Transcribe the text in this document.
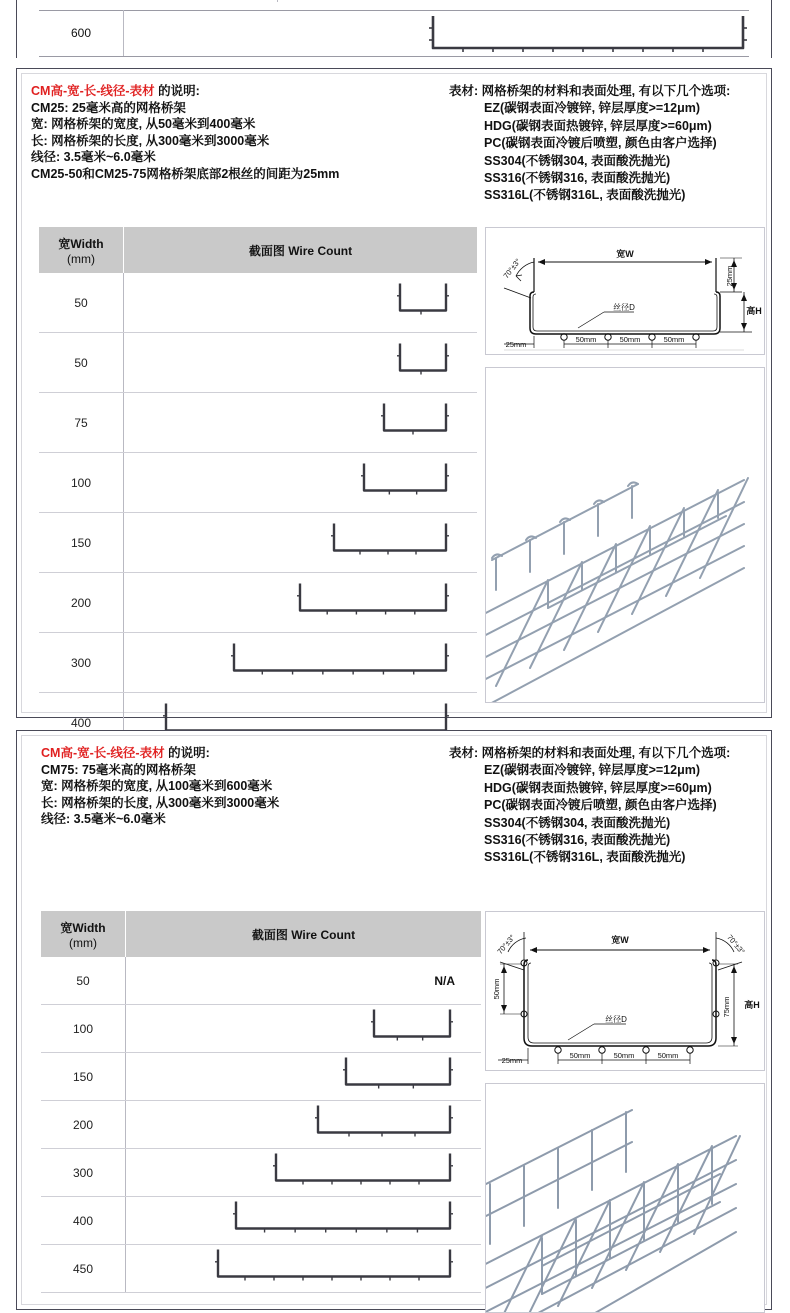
600
CM高-宽-长-线径-表材 的说明:
CM25: 25毫米高的网格桥架
宽: 网格桥架的宽度, 从50毫米到400毫米
长: 网格桥架的长度, 从300毫米到3000毫米
线径: 3.5毫米~6.0毫米
CM25-50和CM25-75网格桥架底部2根丝的间距为25mm
表材: 网格桥架的材料和表面处理, 有以下几个选项:
EZ(碳钢表面冷镀锌, 锌层厚度>=12μm)
HDG(碳钢表面热镀锌, 锌层厚度>=60μm)
PC(碳钢表面冷镀后喷塑, 颜色由客户选择)
SS304(不锈钢304, 表面酸洗抛光)
SS316(不锈钢316, 表面酸洗抛光)
SS316L(不锈钢316L, 表面酸洗抛光)
宽Width
(mm)
截面图 Wire Count
50
50
75
100
150
200
300
400
宽W
丝径D	高H
25mm
70°±3°
25mm
50mm	50mm	50mm
CM高-宽-长-线径-表材 的说明:
CM75: 75毫米高的网格桥架
宽: 网格桥架的宽度, 从100毫米到600毫米
长: 网格桥架的长度, 从300毫米到3000毫米
线径: 3.5毫米~6.0毫米
表材: 网格桥架的材料和表面处理, 有以下几个选项:
EZ(碳钢表面冷镀锌, 锌层厚度>=12μm)
HDG(碳钢表面热镀锌, 锌层厚度>=60μm)
PC(碳钢表面冷镀后喷塑, 颜色由客户选择)
SS304(不锈钢304, 表面酸洗抛光)
SS316(不锈钢316, 表面酸洗抛光)
SS316L(不锈钢316L, 表面酸洗抛光)
宽Width
(mm)
截面图 Wire Count
50	N/A
100
150
200
300
400
450
宽W
丝径D
高H
50mm
75mm
70°±3°	70°±3°
25mm
50mm	50mm	50mm
